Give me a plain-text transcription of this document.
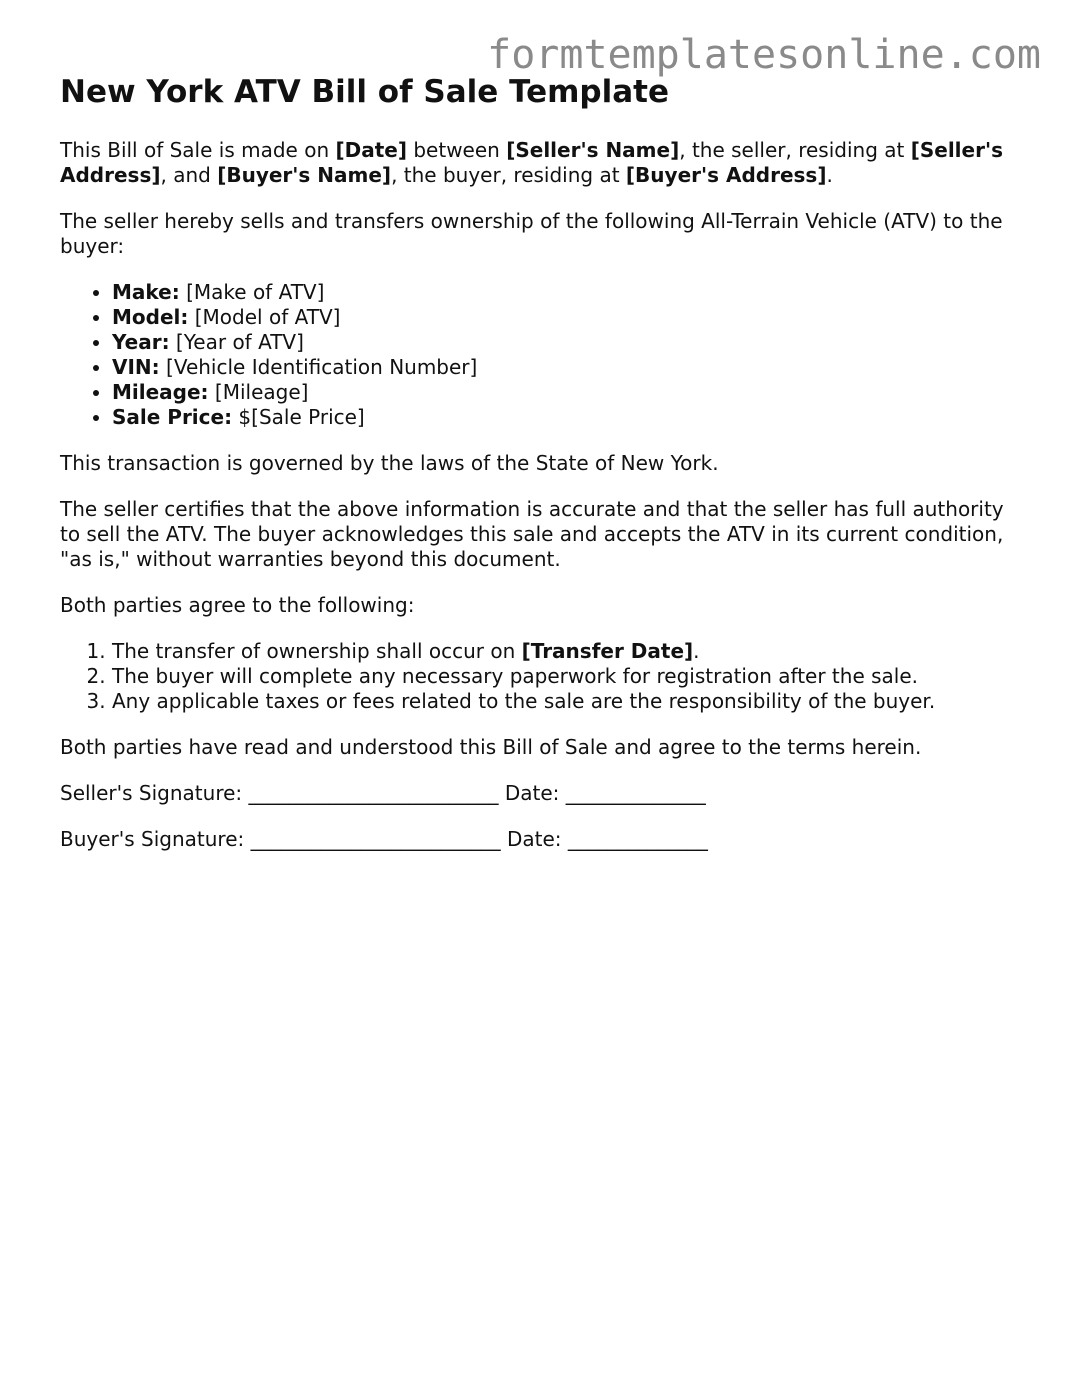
formtemplatesonline.com
New York ATV Bill of Sale Template

This Bill of Sale is made on [Date] between [Seller's Name], the seller, residing at [Seller's Address], and [Buyer's Name], the buyer, residing at [Buyer's Address].

The seller hereby sells and transfers ownership of the following All-Terrain Vehicle (ATV) to the buyer:

• Make: [Make of ATV]
• Model: [Model of ATV]
• Year: [Year of ATV]
• VIN: [Vehicle Identification Number]
• Mileage: [Mileage]
• Sale Price: $[Sale Price]

This transaction is governed by the laws of the State of New York.

The seller certifies that the above information is accurate and that the seller has full authority to sell the ATV. The buyer acknowledges this sale and accepts the ATV in its current condition, "as is," without warranties beyond this document.

Both parties agree to the following:

1. The transfer of ownership shall occur on [Transfer Date].
2. The buyer will complete any necessary paperwork for registration after the sale.
3. Any applicable taxes or fees related to the sale are the responsibility of the buyer.

Both parties have read and understood this Bill of Sale and agree to the terms herein.

Seller's Signature: _________________________ Date: ______________
Buyer's Signature: _________________________ Date: ______________
